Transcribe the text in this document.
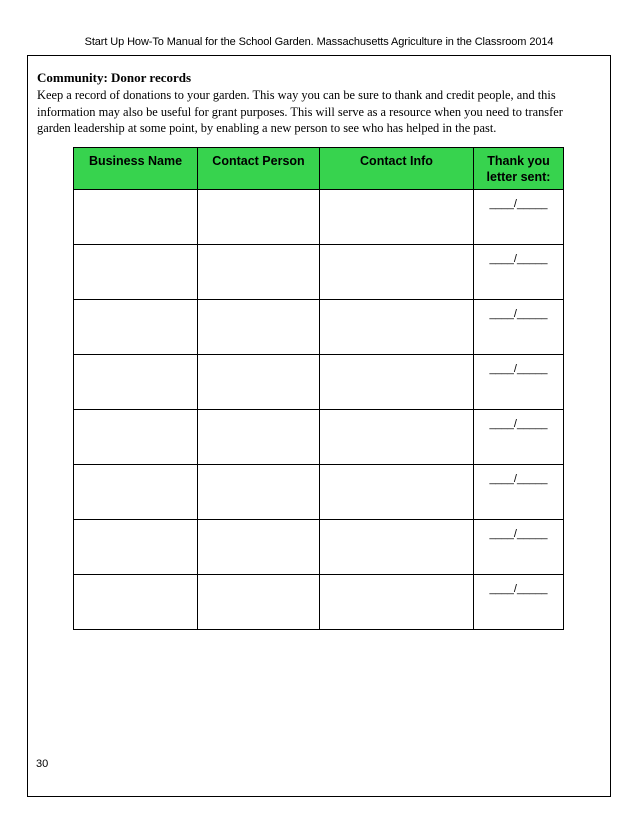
Start Up How-To Manual for the School Garden. Massachusetts Agriculture in the Classroom 2014
Community: Donor records
Keep a record of donations to your garden. This way you can be sure to thank and credit people, and this
information may also be useful for grant purposes. This will serve as a resource when you need to transfer
garden leadership at some point, by enabling a new person to see who has helped in the past.
Business Name	Contact Person	Contact Info	Thank you letter sent:

			____/_____

			____/_____

			____/_____

			____/_____

			____/_____

			____/_____

			____/_____

			____/_____
30
